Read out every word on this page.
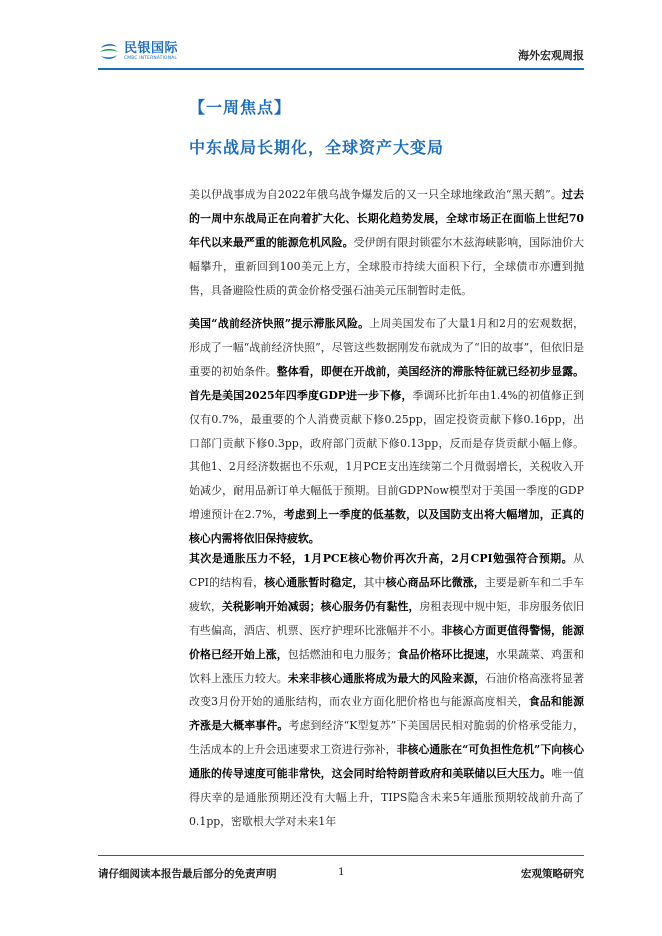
民银国际
CMBC INTERNATIONAL	海外宏观周报
【一周焦点】
中东战局长期化，全球资产大变局
美以伊战事成为自2022年俄乌战争爆发后的又一只全球地缘政治“黑天鹅”。过去的一周中东战局正在向着扩大化、长期化趋势发展，全球市场正在面临上世纪70年代以来最严重的能源危机风险。受伊朗有限封锁霍尔木兹海峡影响，国际油价大幅攀升，重新回到100美元上方，全球股市持续大面积下行，全球债市亦遭到抛售，具备避险性质的黄金价格受强石油美元压制暂时走低。
美国“战前经济快照”提示滞胀风险。上周美国发布了大量1月和2月的宏观数据，形成了一幅“战前经济快照”，尽管这些数据刚发布就成为了“旧的故事”，但依旧是重要的初始条件。整体看，即便在开战前，美国经济的滞胀特征就已经初步显露。首先是美国2025年四季度GDP进一步下修，季调环比折年由1.4%的初值修正到仅有0.7%，最重要的个人消费贡献下修0.25pp，固定投资贡献下修0.16pp，出口部门贡献下修0.3pp，政府部门贡献下修0.13pp，反而是存货贡献小幅上修。其他1、2月经济数据也不乐观，1月PCE支出连续第二个月微弱增长，关税收入开始减少，耐用品新订单大幅低于预期。目前GDPNow模型对于美国一季度的GDP增速预计在2.7%，考虑到上一季度的低基数，以及国防支出将大幅增加，正真的核心内需将依旧保持疲软。
其次是通胀压力不轻，1月PCE核心物价再次升高，2月CPI勉强符合预期。从CPI的结构看，核心通胀暂时稳定，其中核心商品环比微涨，主要是新车和二手车疲软，关税影响开始减弱；核心服务仍有黏性，房租表现中规中矩，非房服务依旧有些偏高，酒店、机票、医疗护理环比涨幅并不小。非核心方面更值得警惕，能源价格已经开始上涨，包括燃油和电力服务；食品价格环比提速，水果蔬菜、鸡蛋和饮料上涨压力较大。未来非核心通胀将成为最大的风险来源，石油价格高涨将显著改变3月份开始的通胀结构，而农业方面化肥价格也与能源高度相关，食品和能源齐涨是大概率事件。考虑到经济“K型复苏”下美国居民相对脆弱的价格承受能力，生活成本的上升会迅速要求工资进行弥补，非核心通胀在“可负担性危机”下向核心通胀的传导速度可能非常快，这会同时给特朗普政府和美联储以巨大压力。唯一值得庆幸的是通胀预期还没有大幅上升，TIPS隐含未来5年通胀预期较战前升高了0.1pp，密歇根大学对未来1年
请仔细阅读本报告最后部分的免责声明	1	宏观策略研究
